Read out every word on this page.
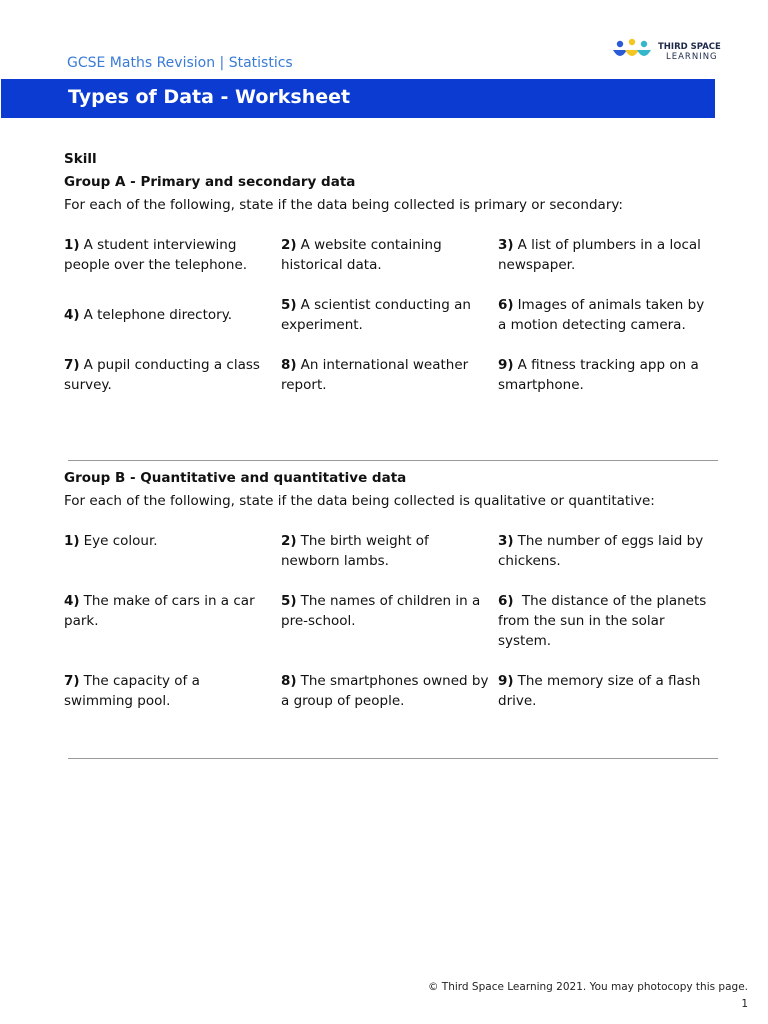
GCSE Maths Revision | Statistics
THIRD SPACE
LEARNING
Types of Data - Worksheet
Skill
Group A - Primary and secondary data
For each of the following, state if the data being collected is primary or secondary:
1) A student interviewing people over the telephone.
2) A website containing historical data.
3) A list of plumbers in a local newspaper.
4) A telephone directory.
5) A scientist conducting an experiment.
6) Images of animals taken by a motion detecting camera.
7) A pupil conducting a class survey.
8) An international weather report.
9) A fitness tracking app on a smartphone.
Group B - Quantitative and quantitative data
For each of the following, state if the data being collected is qualitative or quantitative:
1) Eye colour.	2) The birth weight of newborn lambs.
3) The number of eggs laid by chickens.
4) The make of cars in a car park.
5) The names of children in a pre-school.
6) The distance of the planets from the sun in the solar system.
7) The capacity of a swimming pool.
8) The smartphones owned by a group of people.
9) The memory size of a flash drive.
© Third Space Learning 2021. You may photocopy this page.
1
